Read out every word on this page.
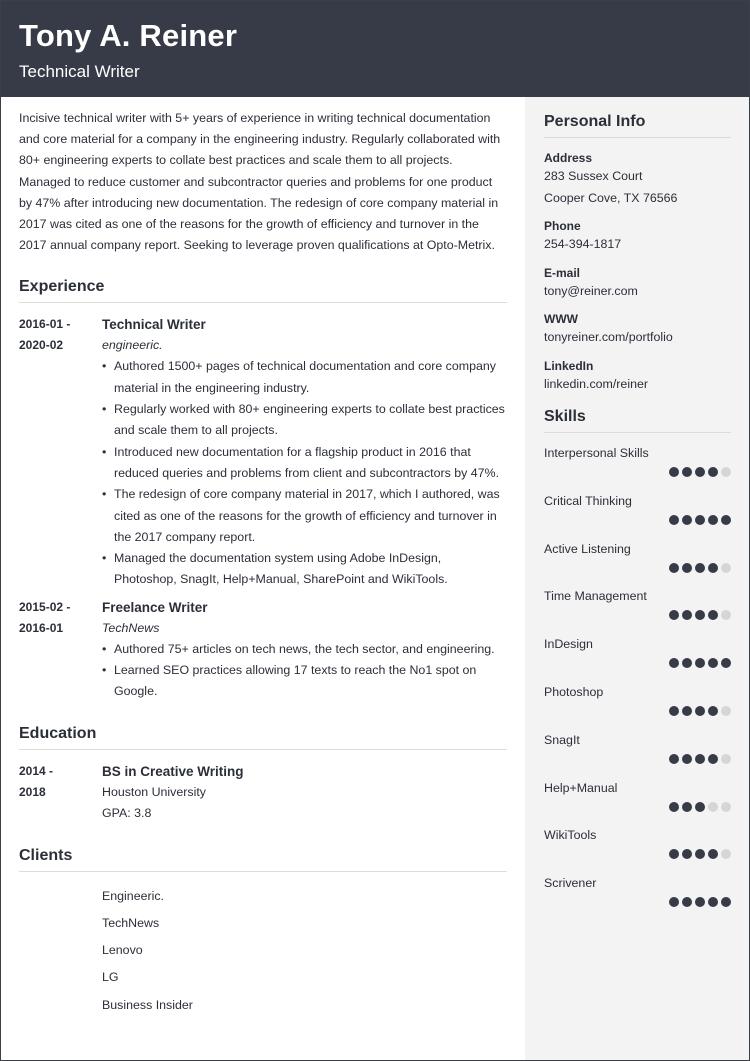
Tony A. Reiner
Technical Writer

Incisive technical writer with 5+ years of experience in writing technical documentation and core material for a company in the engineering industry. Regularly collaborated with 80+ engineering experts to collate best practices and scale them to all projects. Managed to reduce customer and subcontractor queries and problems for one product by 47% after introducing new documentation. The redesign of core company material in 2017 was cited as one of the reasons for the growth of efficiency and turnover in the 2017 annual company report. Seeking to leverage proven qualifications at Opto-Metrix.

Experience
2016-01 -
2020-02
Technical Writer
engineeric.
• Authored 1500+ pages of technical documentation and core company material in the engineering industry.
• Regularly worked with 80+ engineering experts to collate best practices and scale them to all projects.
• Introduced new documentation for a flagship product in 2016 that reduced queries and problems from client and subcontractors by 47%.
• The redesign of core company material in 2017, which I authored, was cited as one of the reasons for the growth of efficiency and turnover in the 2017 company report.
• Managed the documentation system using Adobe InDesign, Photoshop, SnagIt, Help+Manual, SharePoint and WikiTools.
2015-02 -
2016-01
Freelance Writer
TechNews
• Authored 75+ articles on tech news, the tech sector, and engineering.
• Learned SEO practices allowing 17 texts to reach the No1 spot on Google.
Education
2014 -
2018
BS in Creative Writing
Houston University
GPA: 3.8
Clients
Engineeric.
TechNews
Lenovo
LG
Business Insider
Personal Info
Address
283 Sussex Court
Cooper Cove, TX 76566
Phone
254-394-1817
E-mail
tony@reiner.com
WWW
tonyreiner.com/portfolio
LinkedIn
linkedin.com/reiner
Skills
Interpersonal Skills
Critical Thinking
Active Listening
Time Management
InDesign
Photoshop
SnagIt
Help+Manual
WikiTools
Scrivener
